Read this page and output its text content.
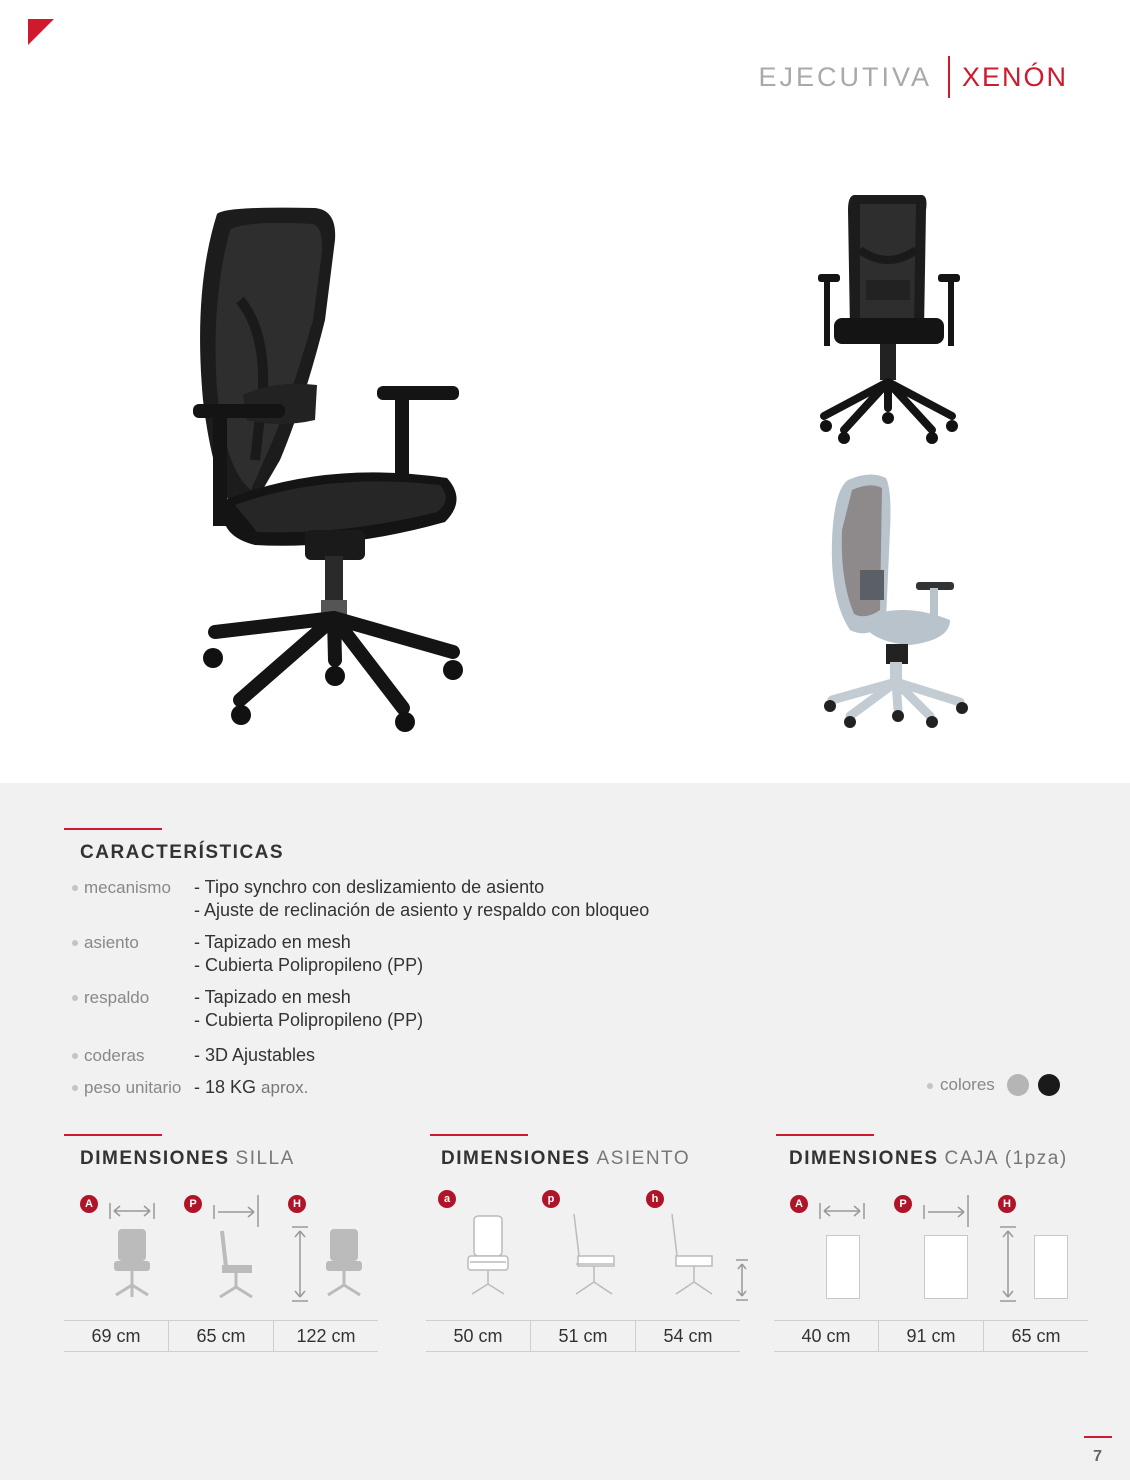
EJECUTIVA XENÓN
CARACTERÍSTICAS
mecanismo	- Tipo synchro con deslizamiento de asiento
- Ajuste de reclinación de asiento y respaldo con bloqueo
asiento	- Tapizado en mesh
- Cubierta Polipropileno (PP)
respaldo	- Tapizado en mesh
- Cubierta Polipropileno (PP)
coderas	- 3D Ajustables
peso unitario - 18 KG aprox.	colores
DIMENSIONES SILLA
A	P	H
69 cm	65 cm	122 cm
DIMENSIONES ASIENTO
a	p	h
50 cm	51 cm	54 cm
DIMENSIONES CAJA (1pza)
A	P	H
40 cm	91 cm	65 cm
7
